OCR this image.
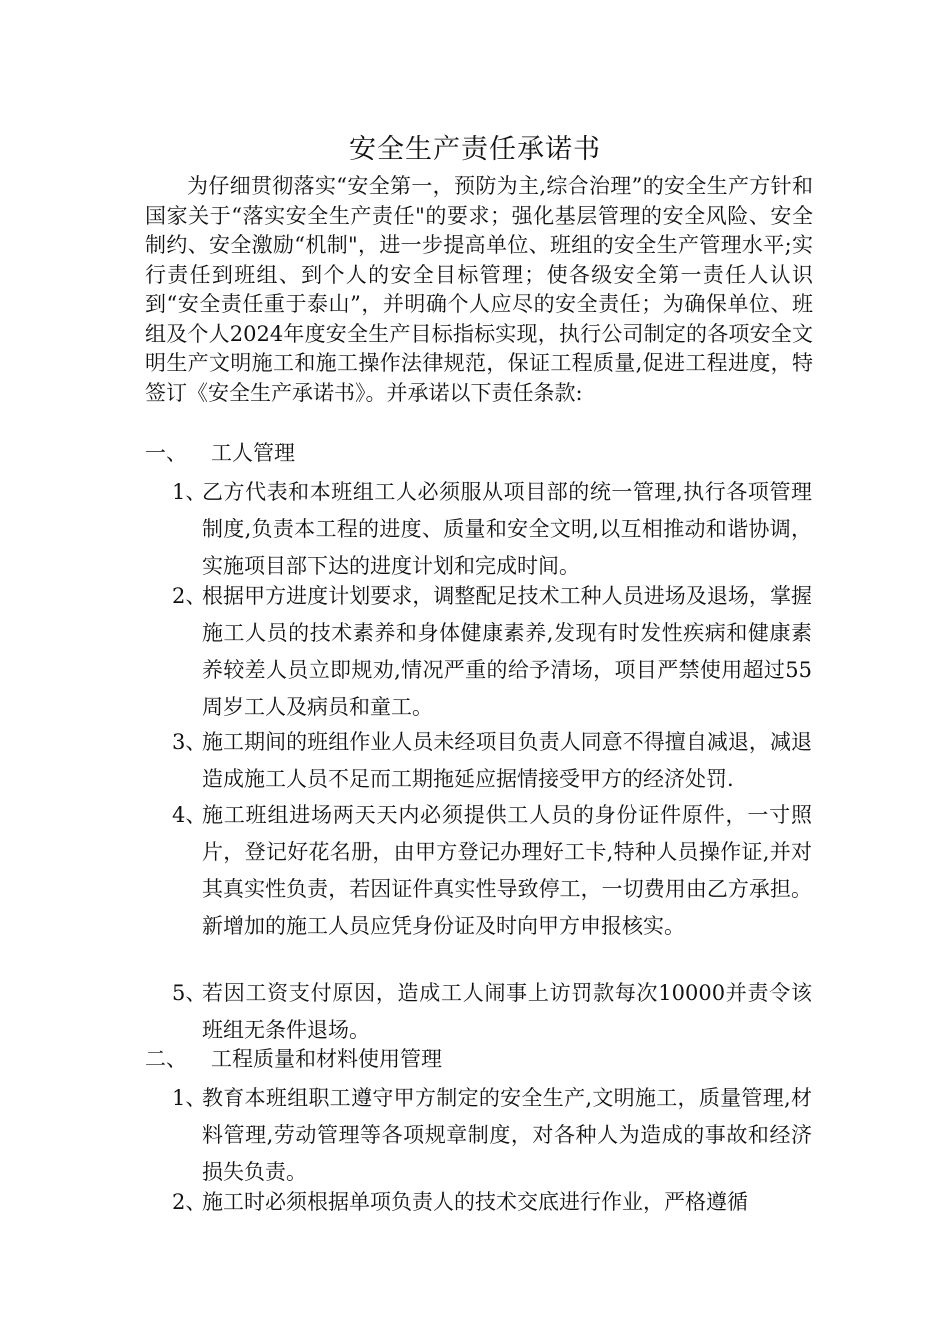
安全生产责任承诺书
为仔细贯彻落实“安全第一，预防为主,综合治理”的安全生产方针和国家关于“落实安全生产责任"的要求；强化基层管理的安全风险、安全制约、安全激励“机制"，进一步提高单位、班组的安全生产管理水平;实行责任到班组、到个人的安全目标管理；使各级安全第一责任人认识到“安全责任重于泰山”，并明确个人应尽的安全责任；为确保单位、班组及个人2024年度安全生产目标指标实现，执行公司制定的各项安全文明生产文明施工和施工操作法律规范，保证工程质量,促进工程进度，特签订《安全生产承诺书》。并承诺以下责任条款:
一、 工人管理
1、
乙方代表和本班组工人必须服从项目部的统一管理,执行各项管理制度,负责本工程的进度、质量和安全文明,以互相推动和谐协调，实施项目部下达的进度计划和完成时间。
2、
根据甲方进度计划要求，调整配足技术工种人员进场及退场，掌握施工人员的技术素养和身体健康素养,发现有时发性疾病和健康素养较差人员立即规劝,情况严重的给予清场，项目严禁使用超过55周岁工人及病员和童工。
3、
施工期间的班组作业人员未经项目负责人同意不得擅自减退，减退造成施工人员不足而工期拖延应据情接受甲方的经济处罚.
4、
施工班组进场两天天内必须提供工人员的身份证件原件，一寸照片，登记好花名册，由甲方登记办理好工卡,特种人员操作证,并对其真实性负责，若因证件真实性导致停工，一切费用由乙方承担。新增加的施工人员应凭身份证及时向甲方申报核实。
5、
若因工资支付原因，造成工人闹事上访罚款每次10000并责令该班组无条件退场。
二、 工程质量和材料使用管理
1、
教育本班组职工遵守甲方制定的安全生产,文明施工，质量管理,材料管理,劳动管理等各项规章制度，对各种人为造成的事故和经济损失负责。
2、
施工时必须根据单项负责人的技术交底进行作业，严格遵循
